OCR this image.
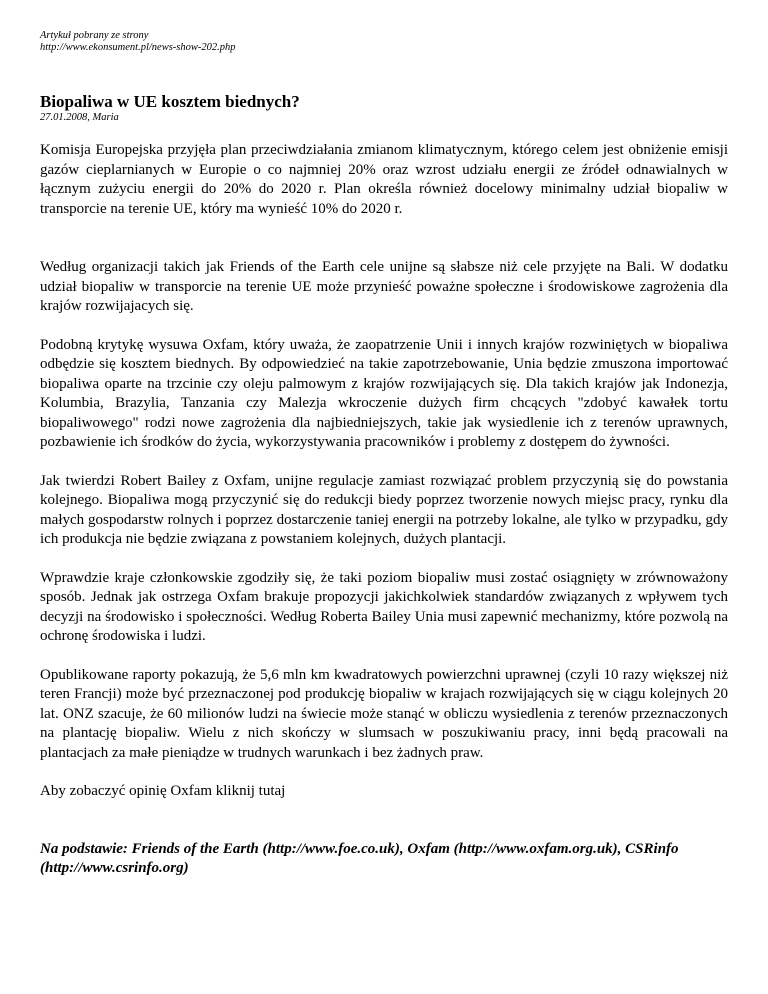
Artykuł pobrany ze strony
http://www.ekonsument.pl/news-show-202.php

Biopaliwa w UE kosztem biednych?

27.01.2008, Maria

Komisja Europejska przyjęła plan przeciwdziałania zmianom klimatycznym, którego celem jest obniżenie emisji gazów cieplarnianych w Europie o co najmniej 20% oraz wzrost udziału energii ze źródeł odnawialnych w łącznym zużyciu energii do 20% do 2020 r. Plan określa również docelowy minimalny udział biopaliw w transporcie na terenie UE, który ma wynieść 10% do 2020 r.

Według organizacji takich jak Friends of the Earth cele unijne są słabsze niż cele przyjęte na Bali. W dodatku udział biopaliw w transporcie na terenie UE może przynieść poważne społeczne i środowiskowe zagrożenia dla krajów rozwijajacych się.

Podobną krytykę wysuwa Oxfam, który uważa, że zaopatrzenie Unii i innych krajów rozwiniętych w biopaliwa odbędzie się kosztem biednych. By odpowiedzieć na takie zapotrzebowanie, Unia będzie zmuszona importować biopaliwa oparte na trzcinie czy oleju palmowym z krajów rozwijających się. Dla takich krajów jak Indonezja, Kolumbia, Brazylia, Tanzania czy Malezja wkroczenie dużych firm chcących "zdobyć kawałek tortu biopaliwowego" rodzi nowe zagrożenia dla najbiedniejszych, takie jak wysiedlenie ich z terenów uprawnych, pozbawienie ich środków do życia, wykorzystywania pracowników i problemy z dostępem do żywności.

Jak twierdzi Robert Bailey z Oxfam, unijne regulacje zamiast rozwiązać problem przyczynią się do powstania kolejnego. Biopaliwa mogą przyczynić się do redukcji biedy poprzez tworzenie nowych miejsc pracy, rynku dla małych gospodarstw rolnych i poprzez dostarczenie taniej energii na potrzeby lokalne, ale tylko w przypadku, gdy ich produkcja nie będzie związana z powstaniem kolejnych, dużych plantacji.

Wprawdzie kraje członkowskie zgodziły się, że taki poziom biopaliw musi zostać osiągnięty w zrównoważony sposób. Jednak jak ostrzega Oxfam brakuje propozycji jakichkolwiek standardów związanych z wpływem tych decyzji na środowisko i społeczności. Według Roberta Bailey Unia musi zapewnić mechanizmy, które pozwolą na ochronę środowiska i ludzi.

Opublikowane raporty pokazują, że 5,6 mln km kwadratowych powierzchni uprawnej (czyli 10 razy większej niż teren Francji) może być przeznaczonej pod produkcję biopaliw w krajach rozwijających się w ciągu kolejnych 20 lat. ONZ szacuje, że 60 milionów ludzi na świecie może stanąć w obliczu wysiedlenia z terenów przeznaczonych na plantację biopaliw. Wielu z nich skończy w slumsach w poszukiwaniu pracy, inni będą pracowali na plantacjach za małe pieniądze w trudnych warunkach i bez żadnych praw.

Aby zobaczyć opinię Oxfam kliknij tutaj

Na podstawie: Friends of the Earth (http://www.foe.co.uk), Oxfam (http://www.oxfam.org.uk), CSRinfo (http://www.csrinfo.org)
